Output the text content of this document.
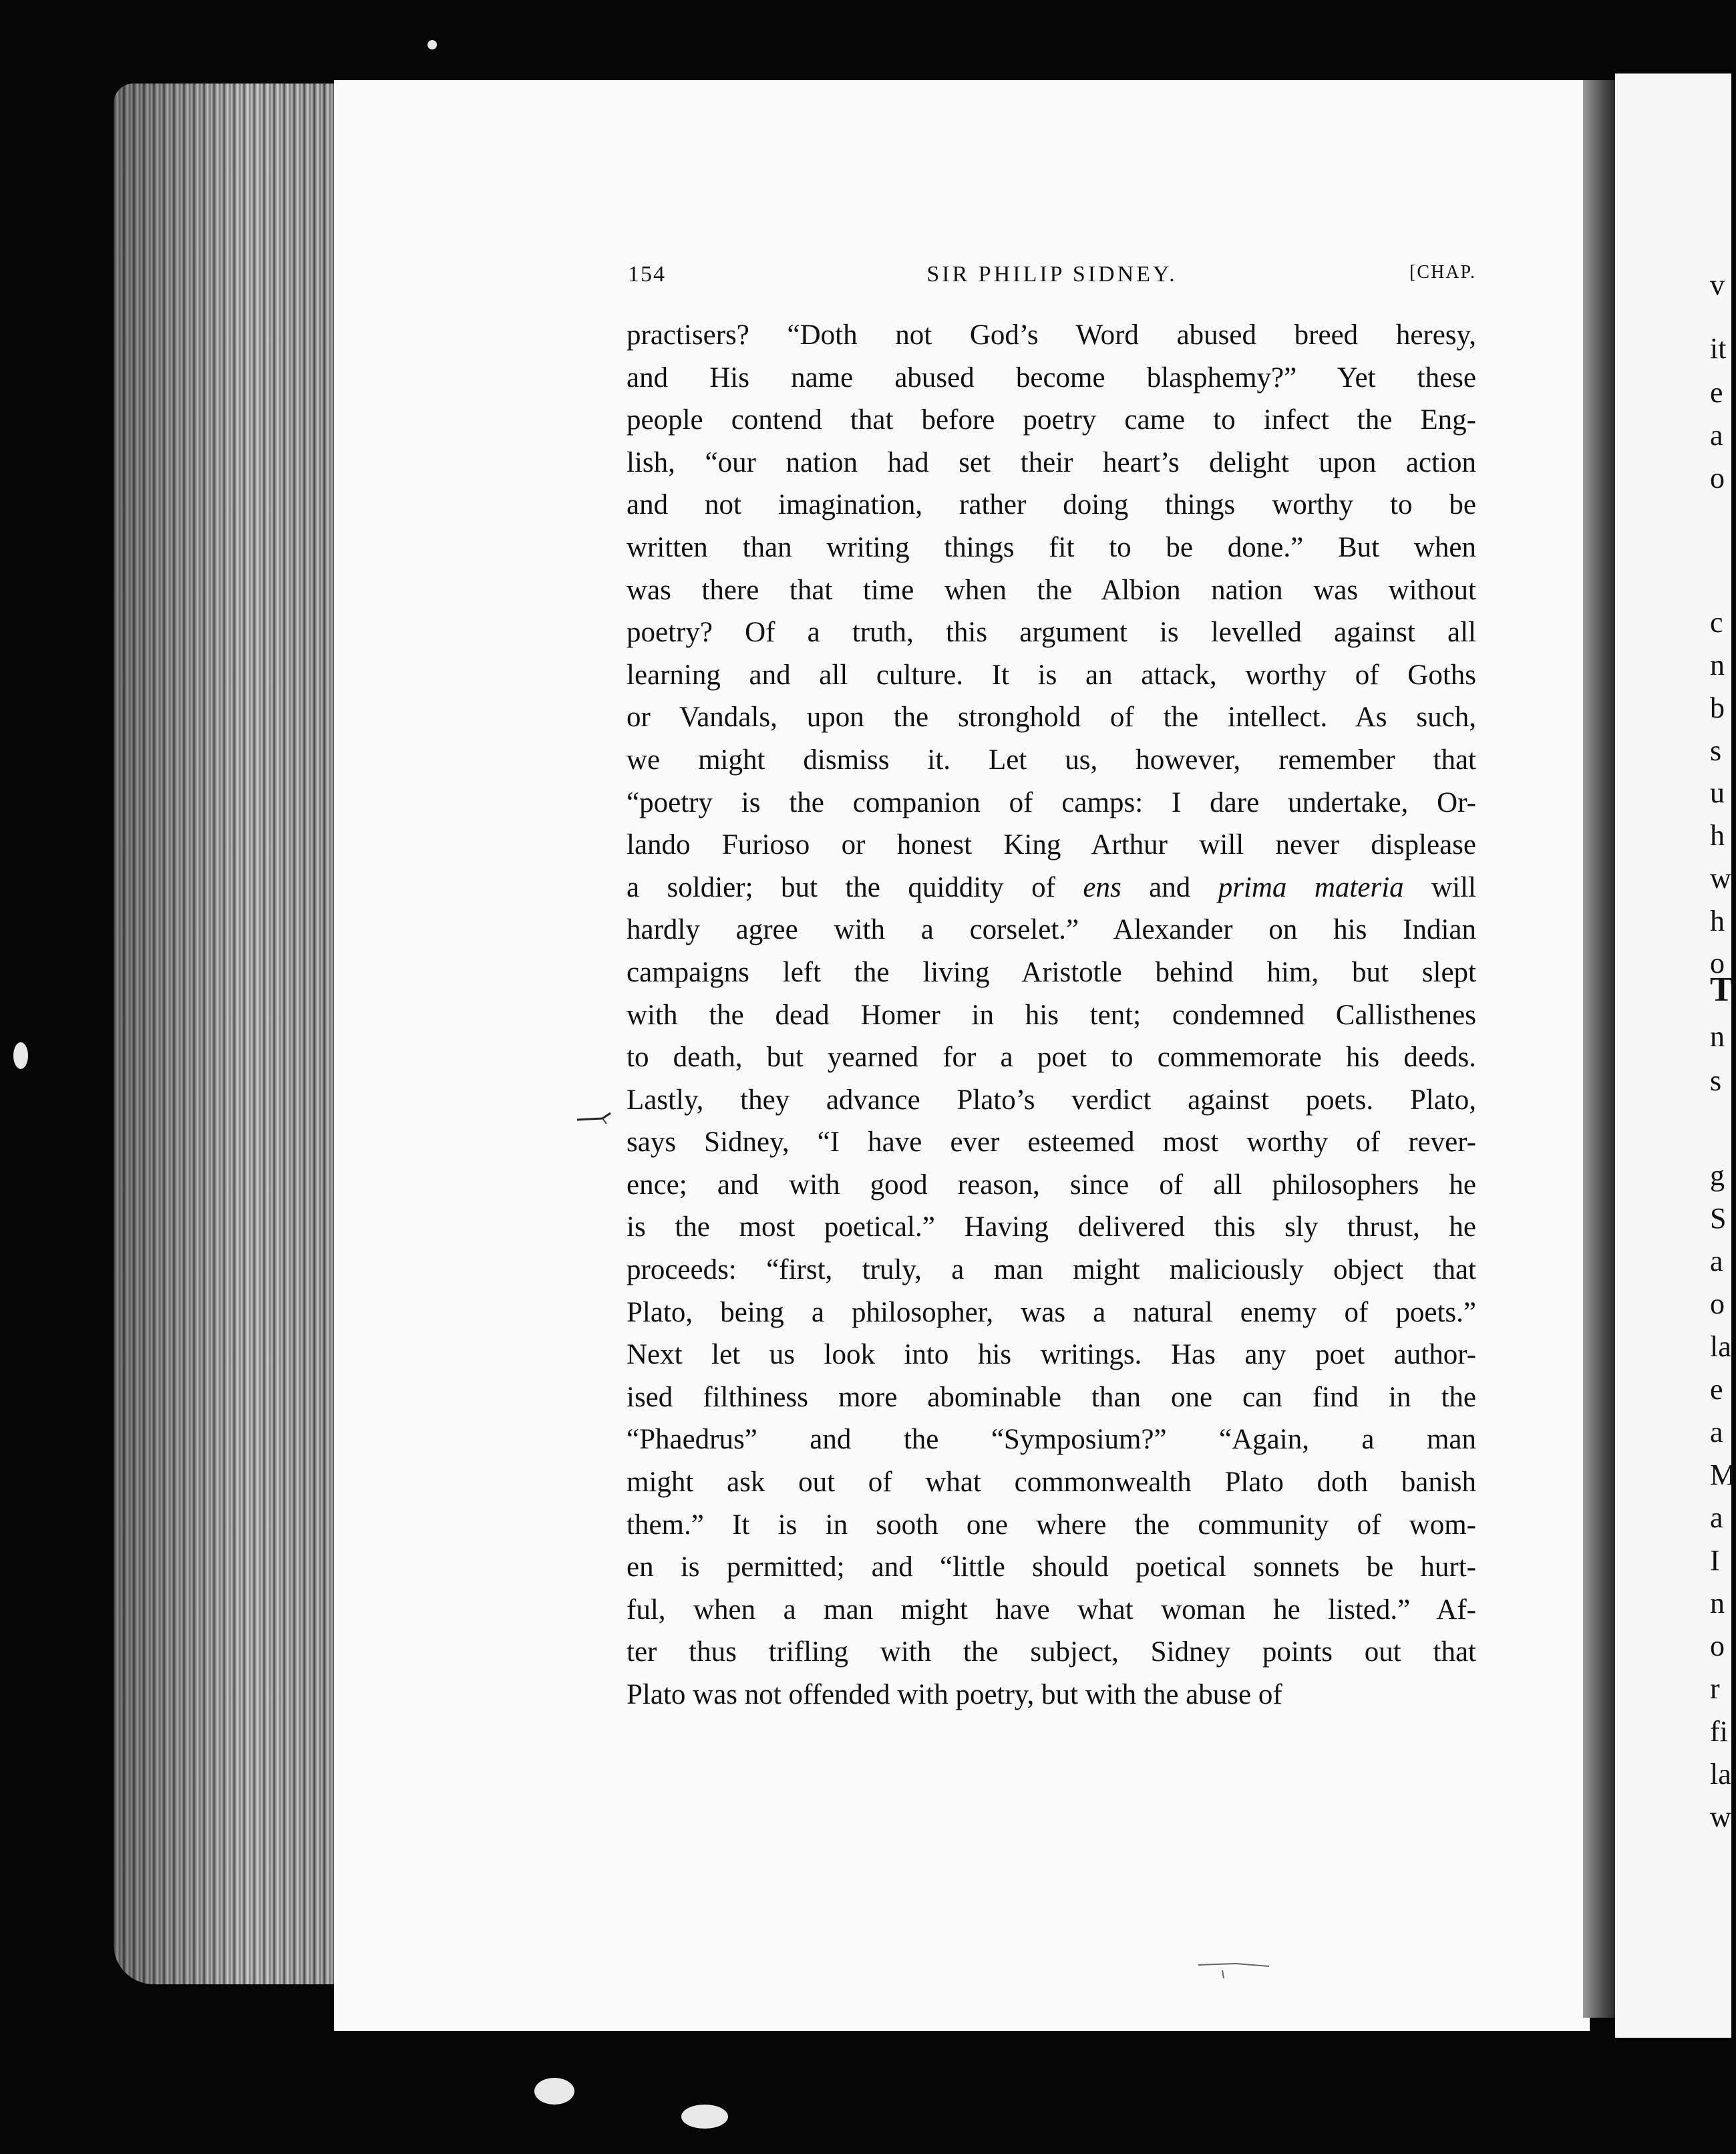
154	SIR PHILIP SIDNEY.	[CHAP.
practisers? “Doth not God’s Word abused breed heresy,
and His name abused become blasphemy?” Yet these
people contend that before poetry came to infect the Eng-
lish, “our nation had set their heart’s delight upon action
and not imagination, rather doing things worthy to be
written than writing things fit to be done.” But when
was there that time when the Albion nation was without
poetry? Of a truth, this argument is levelled against all
learning and all culture. It is an attack, worthy of Goths
or Vandals, upon the stronghold of the intellect. As such,
we might dismiss it. Let us, however, remember that
“poetry is the companion of camps: I dare undertake, Or-
lando Furioso or honest King Arthur will never displease
a soldier; but the quiddity of ens and prima materia will
hardly agree with a corselet.” Alexander on his Indian
campaigns left the living Aristotle behind him, but slept
with the dead Homer in his tent; condemned Callisthenes
to death, but yearned for a poet to commemorate his deeds.
Lastly, they advance Plato’s verdict against poets. Plato,
says Sidney, “I have ever esteemed most worthy of rever-
ence; and with good reason, since of all philosophers he
is the most poetical.” Having delivered this sly thrust, he
proceeds: “first, truly, a man might maliciously object that
Plato, being a philosopher, was a natural enemy of poets.”
Next let us look into his writings. Has any poet author-
ised filthiness more abominable than one can find in the
“Phaedrus” and the “Symposium?” “Again, a man
might ask out of what commonwealth Plato doth banish
them.” It is in sooth one where the community of wom-
en is permitted; and “little should poetical sonnets be hurt-
ful, when a man might have what woman he listed.” Af-
ter thus trifling with the subject, Sidney points out that
Plato was not offended with poetry, but with the abuse of
v
it
e
a
o
c
n
b
s
u
h
w
h
o
T
n
s
g
S
a
o
la
e
a
M
a
I
n
o
r
fi
la
w
